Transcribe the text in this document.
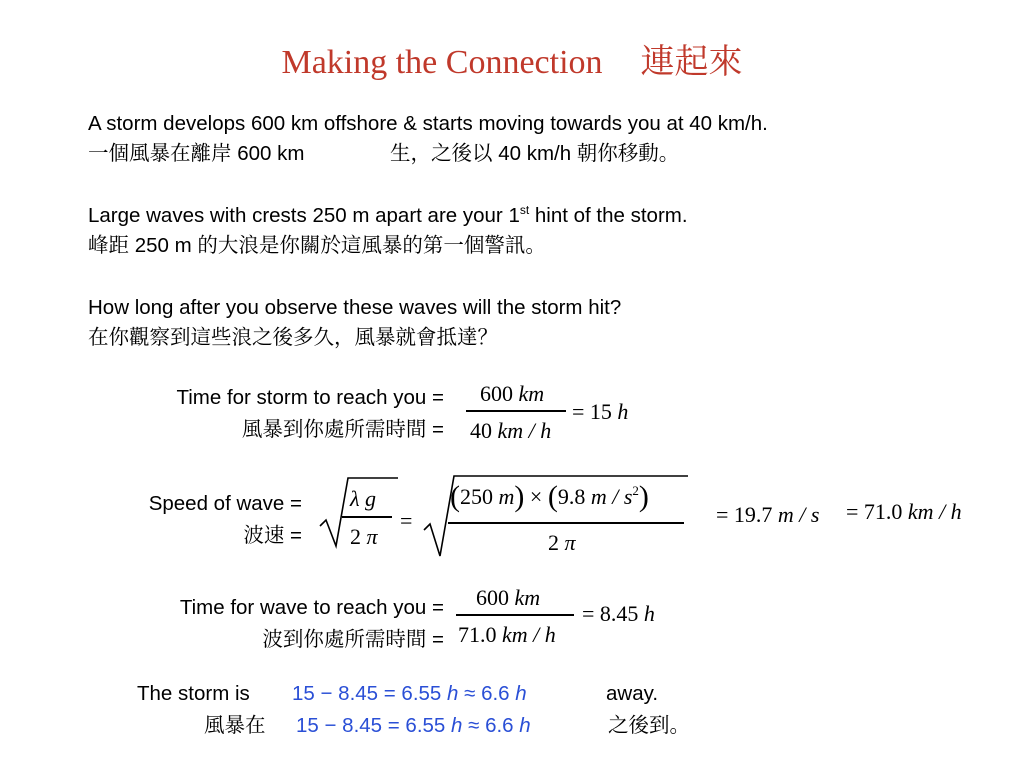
Making the Connection 連起來
A storm develops 600 km offshore & starts moving towards you at 40 km/h.
一個風暴在離岸 600 km	生，之後以 40 km/h 朝你移動。
Large waves with crests 250 m apart are your 1st hint of the storm.
峰距 250 m 的大浪是你關於這風暴的第一個警訊。
How long after you observe these waves will the storm hit?
在你觀察到這些浪之後多久，風暴就會抵達？
Time for storm to reach you =
風暴到你處所需時間 =
600 km
40 km / h
= 15 h
Speed of wave =
波速 =
λ g
2 π
=
(250 m) × (9.8 m / $s^2$)
2 π
= 19.7 m / s = 71.0 km / h
Time for wave to reach you =
波到你處所需時間 =
600 km
71.0 km / h
= 8.45 h
The storm is 15 − 8.45 = 6.55 h ≈ 6.6 h	away.
風暴在 15 − 8.45 = 6.55 h ≈ 6.6 h	之後到。
